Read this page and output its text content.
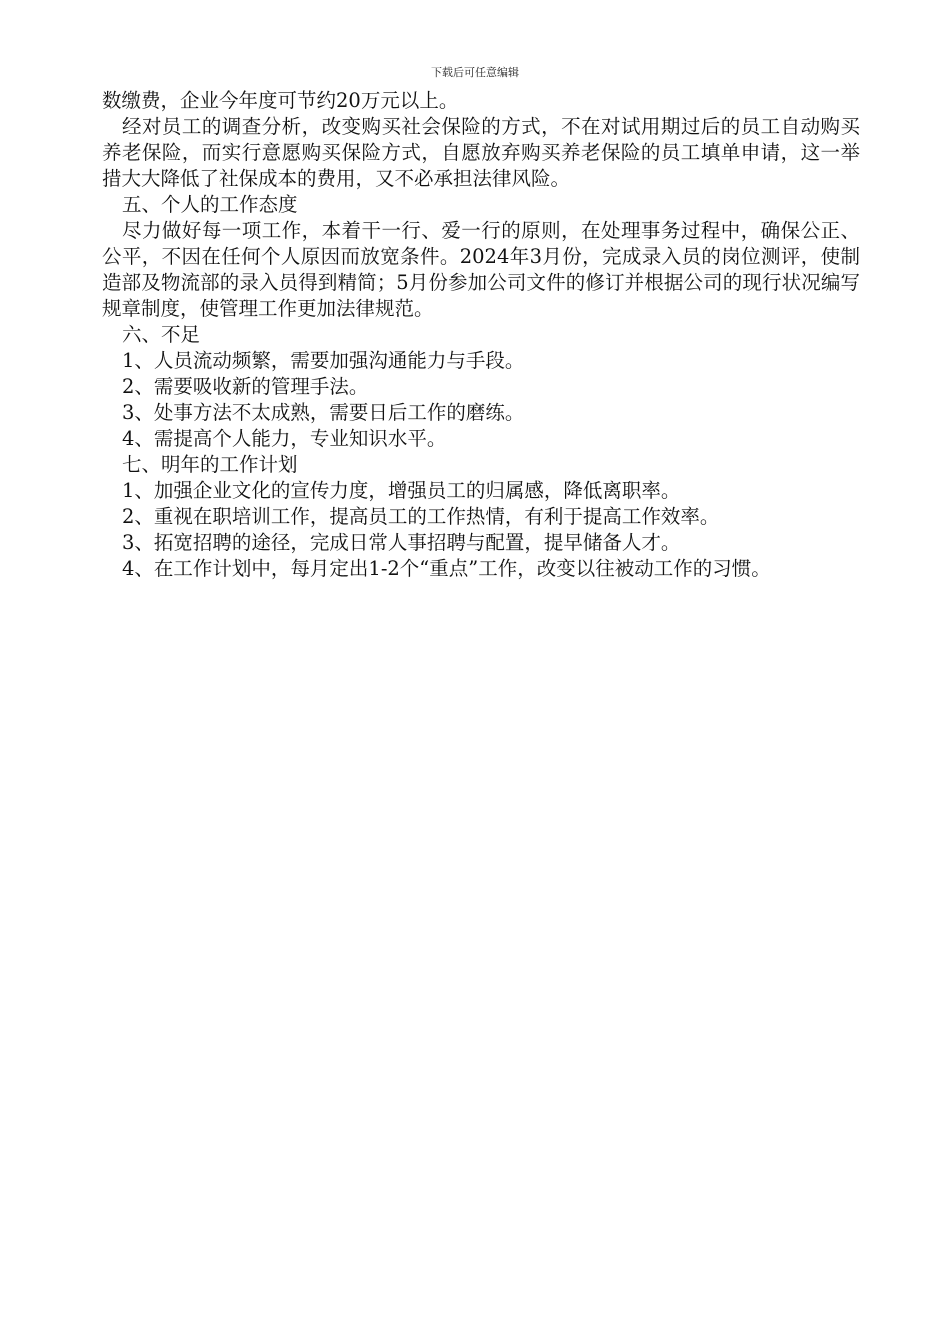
下载后可任意编辑

数缴费，企业今年度可节约20万元以上。

经对员工的调查分析，改变购买社会保险的方式，不在对试用期过后的员工自动购买养老保险，而实行意愿购买保险方式，自愿放弃购买养老保险的员工填单申请，这一举措大大降低了社保成本的费用，又不必承担法律风险。

五、个人的工作态度

尽力做好每一项工作，本着干一行、爱一行的原则，在处理事务过程中，确保公正、公平，不因在任何个人原因而放宽条件。2024年3月份，完成录入员的岗位测评，使制造部及物流部的录入员得到精简；5月份参加公司文件的修订并根据公司的现行状况编写规章制度，使管理工作更加法律规范。

六、不足

1、人员流动频繁，需要加强沟通能力与手段。

2、需要吸收新的管理手法。

3、处事方法不太成熟，需要日后工作的磨练。

4、需提高个人能力，专业知识水平。

七、明年的工作计划

1、加强企业文化的宣传力度，增强员工的归属感，降低离职率。

2、重视在职培训工作，提高员工的工作热情，有利于提高工作效率。

3、拓宽招聘的途径，完成日常人事招聘与配置，提早储备人才。

4、在工作计划中，每月定出1-2个“重点”工作，改变以往被动工作的习惯。
